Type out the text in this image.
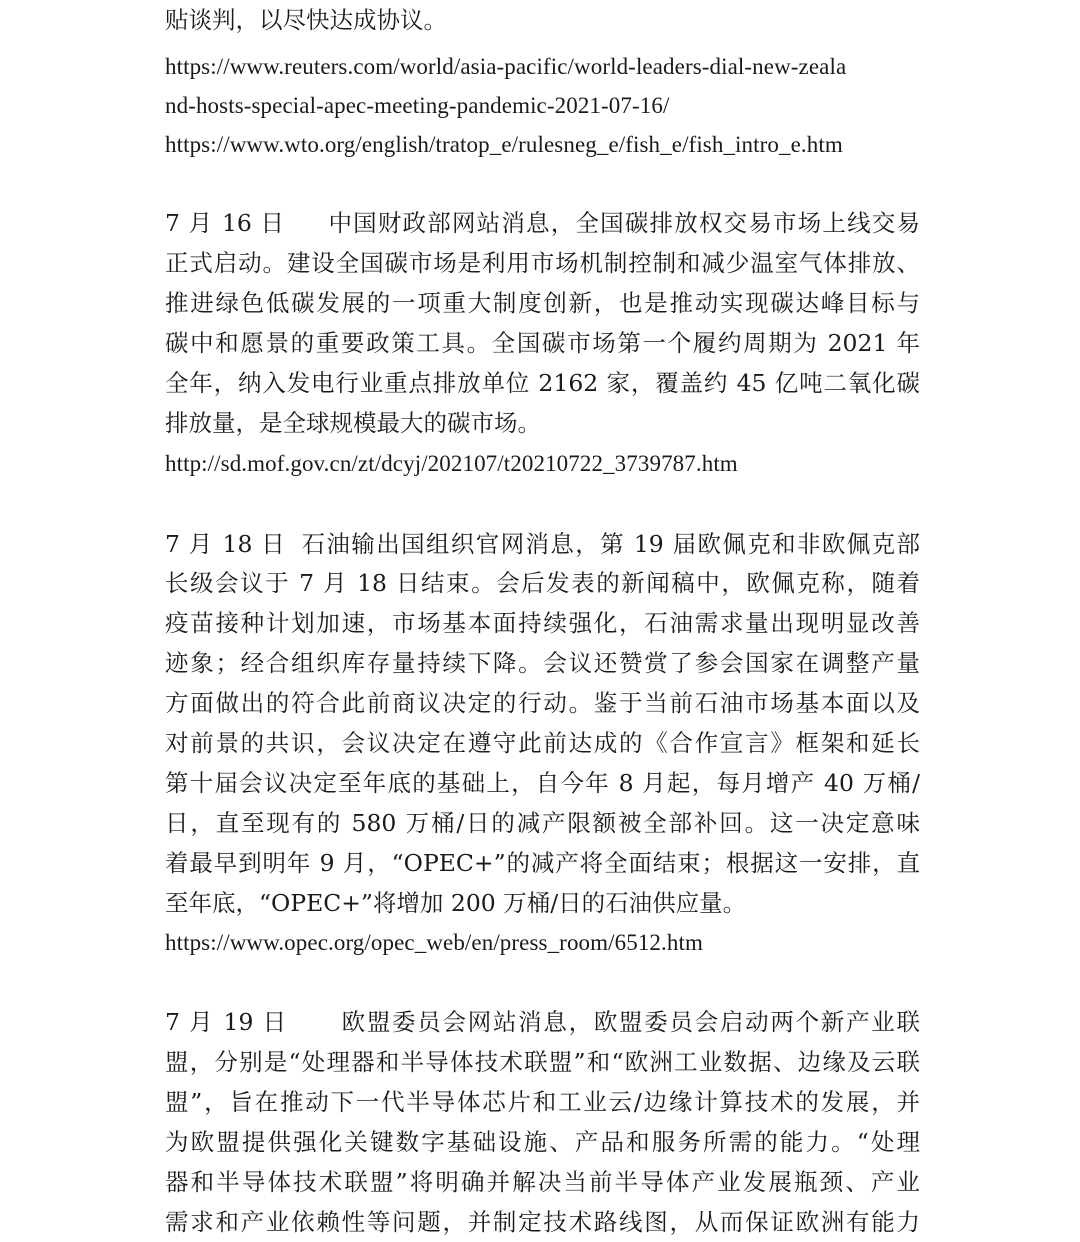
贴谈判，以尽快达成协议。
https://www.reuters.com/world/asia-pacific/world-leaders-dial-new-zeala
nd-hosts-special-apec-meeting-pandemic-2021-07-16/
https://www.wto.org/english/tratop_e/rulesneg_e/fish_e/fish_intro_e.htm
7 月 16 日 中国财政部网站消息，全国碳排放权交易市场上线交易
正式启动。建设全国碳市场是利用市场机制控制和减少温室气体排放、
推进绿色低碳发展的一项重大制度创新，也是推动实现碳达峰目标与
碳中和愿景的重要政策工具。全国碳市场第一个履约周期为 2021 年
全年，纳入发电行业重点排放单位 2162 家，覆盖约 45 亿吨二氧化碳
排放量，是全球规模最大的碳市场。
http://sd.mof.gov.cn/zt/dcyj/202107/t20210722_3739787.htm
7 月 18 日 石油输出国组织官网消息，第 19 届欧佩克和非欧佩克部
长级会议于 7 月 18 日结束。会后发表的新闻稿中，欧佩克称，随着
疫苗接种计划加速，市场基本面持续强化，石油需求量出现明显改善
迹象；经合组织库存量持续下降。会议还赞赏了参会国家在调整产量
方面做出的符合此前商议决定的行动。鉴于当前石油市场基本面以及
对前景的共识，会议决定在遵守此前达成的《合作宣言》框架和延长
第十届会议决定至年底的基础上，自今年 8 月起，每月增产 40 万桶/
日，直至现有的 580 万桶/日的减产限额被全部补回。这一决定意味
着最早到明年 9 月，“OPEC+”的减产将全面结束；根据这一安排，直
至年底，“OPEC+”将增加 200 万桶/日的石油供应量。
https://www.opec.org/opec_web/en/press_room/6512.htm
7 月 19 日 欧盟委员会网站消息，欧盟委员会启动两个新产业联
盟，分别是“处理器和半导体技术联盟”和“欧洲工业数据、边缘及云联
盟”，旨在推动下一代半导体芯片和工业云/边缘计算技术的发展，并
为欧盟提供强化关键数字基础设施、产品和服务所需的能力。“处理
器和半导体技术联盟”将明确并解决当前半导体产业发展瓶颈、产业
需求和产业依赖性等问题，并制定技术路线图，从而保证欧洲有能力
